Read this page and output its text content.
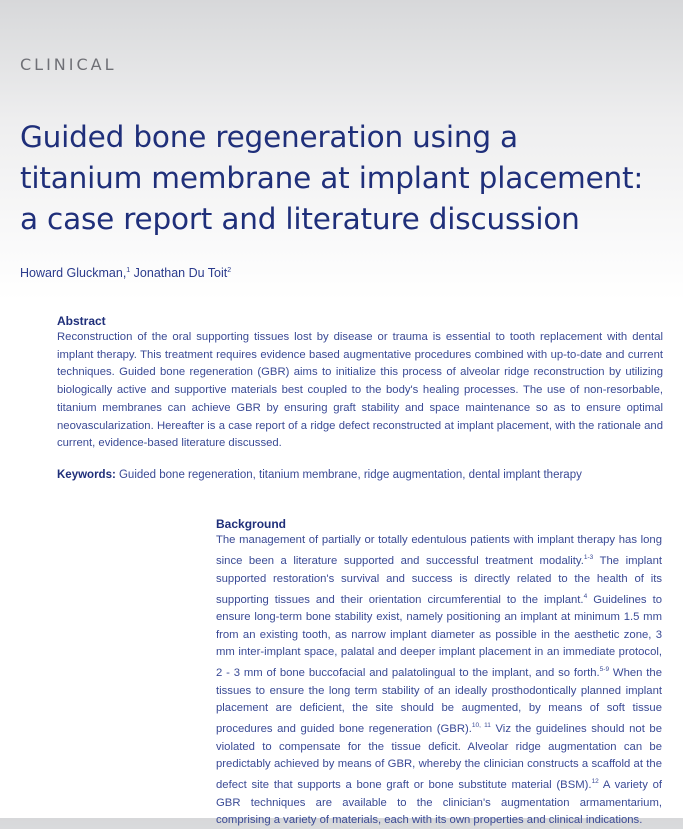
CLINICAL
Guided bone regeneration using a
titanium membrane at implant placement:
a case report and literature discussion
Howard Gluckman,$^1$ Jonathan Du Toit$^2$

Abstract

Reconstruction of the oral supporting tissues lost by disease or trauma is essential to tooth replacement with dental implant therapy. This treatment requires evidence based augmentative procedures combined with up-to-date and current techniques. Guided bone regeneration (GBR) aims to initialize this process of alveolar ridge reconstruction by utilizing biologically active and supportive materials best coupled to the body's healing processes. The use of non-resorbable, titanium membranes can achieve GBR by ensuring graft stability and space maintenance so as to ensure optimal neovascularization. Hereafter is a case report of a ridge defect reconstructed at implant placement, with the rationale and current, evidence-based literature discussed.

Keywords: Guided bone regeneration, titanium membrane, ridge augmentation, dental implant therapy

Background

The management of partially or totally edentulous patients with implant therapy has long since been a literature supported and successful treatment modality.$^{1-3}$ The implant supported restoration's survival and success is directly related to the health of its supporting tissues and their orientation circumferential to the implant.$^4$ Guidelines to ensure long-term bone stability exist, namely positioning an implant at minimum 1.5 mm from an existing tooth, as narrow implant diameter as possible in the aesthetic zone, 3 mm inter-implant space, palatal and deeper implant placement in an immediate protocol, 2 - 3 mm of bone buccofacial and palatolingual to the implant, and so forth.$^{5-9}$ When the tissues to ensure the long term stability of an ideally prosthodontically planned implant placement are deficient, the site should be augmented, by means of soft tissue procedures and guided bone regeneration (GBR).$^{10, 11}$ Viz the guidelines should not be violated to compensate for the tissue deficit. Alveolar ridge augmentation can be predictably achieved by means of GBR, whereby the clinician constructs a scaffold at the defect site that supports a bone graft or bone substitute material (BSM).$^{12}$ A variety of GBR techniques are available to the clinician's augmentation armamentarium, comprising a variety of materials, each with its own properties and clinical indications.
